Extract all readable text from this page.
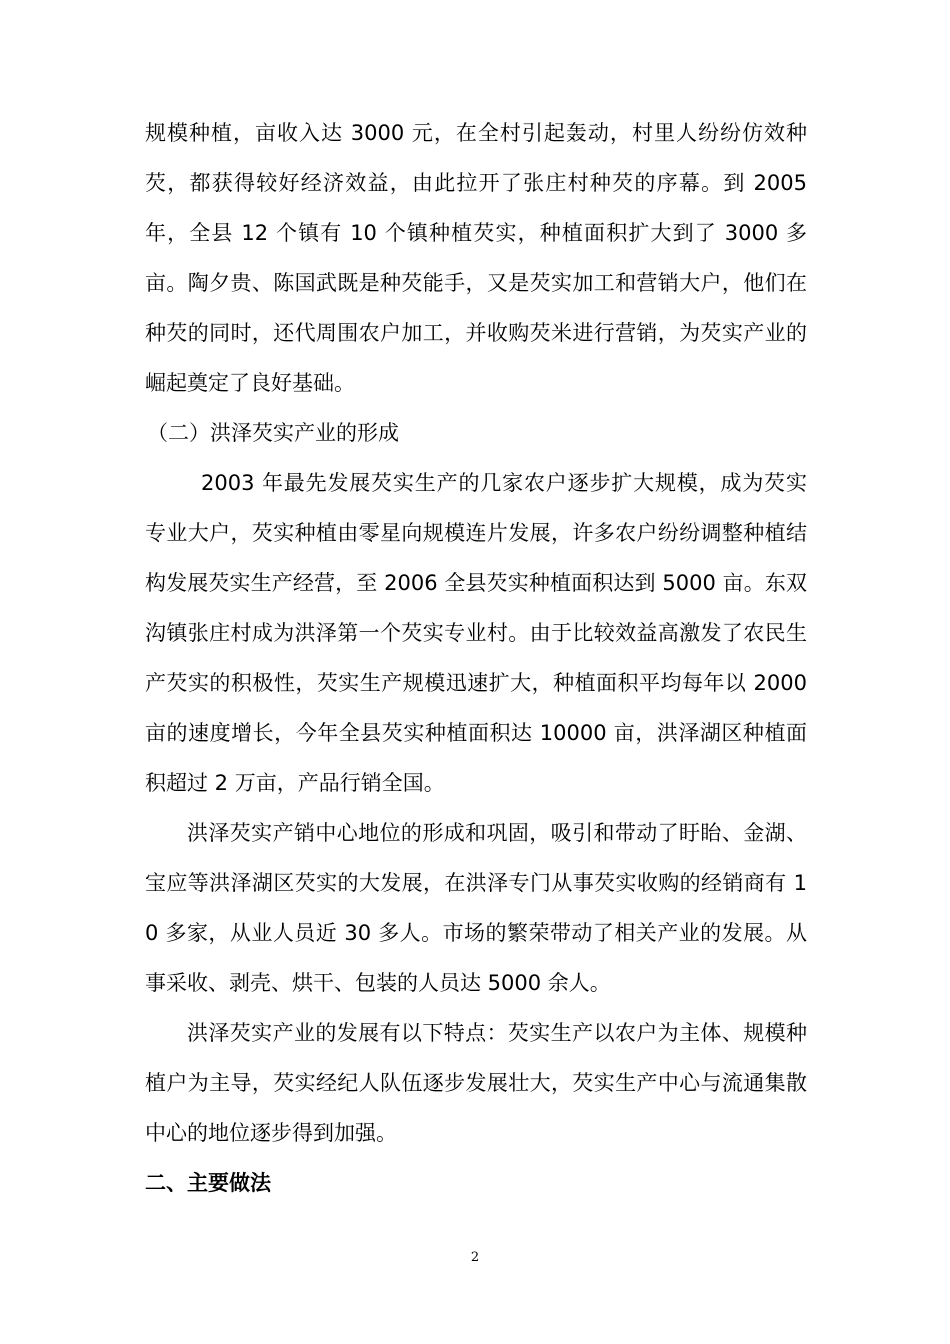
规模种植，亩收入达 3000 元，在全村引起轰动，村里人纷纷仿效种芡，都获得较好经济效益，由此拉开了张庄村种芡的序幕。到 2005 年，全县 12 个镇有 10 个镇种植芡实，种植面积扩大到了 3000 多亩。陶夕贵、陈国武既是种芡能手，又是芡实加工和营销大户，他们在种芡的同时，还代周围农户加工，并收购芡米进行营销，为芡实产业的崛起奠定了良好基础。

（二）洪泽芡实产业的形成

2003 年最先发展芡实生产的几家农户逐步扩大规模，成为芡实专业大户，芡实种植由零星向规模连片发展，许多农户纷纷调整种植结构发展芡实生产经营，至 2006 全县芡实种植面积达到 5000 亩。东双沟镇张庄村成为洪泽第一个芡实专业村。由于比较效益高激发了农民生产芡实的积极性，芡实生产规模迅速扩大，种植面积平均每年以 2000 亩的速度增长，今年全县芡实种植面积达 10000 亩，洪泽湖区种植面积超过 2 万亩，产品行销全国。

洪泽芡实产销中心地位的形成和巩固，吸引和带动了盱眙、金湖、宝应等洪泽湖区芡实的大发展，在洪泽专门从事芡实收购的经销商有 10 多家，从业人员近 30 多人。市场的繁荣带动了相关产业的发展。从事采收、剥壳、烘干、包装的人员达 5000 余人。

洪泽芡实产业的发展有以下特点：芡实生产以农户为主体、规模种植户为主导，芡实经纪人队伍逐步发展壮大，芡实生产中心与流通集散中心的地位逐步得到加强。

二、主要做法

2
